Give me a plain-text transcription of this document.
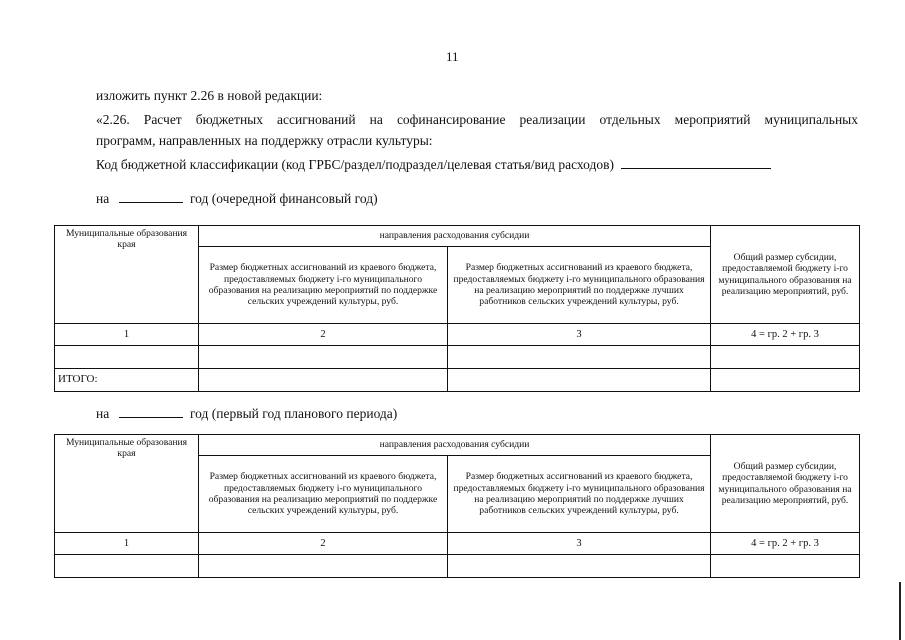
11
изложить пункт 2.26 в новой редакции:
«2.26. Расчет бюджетных ассигнований на софинансирование реализации отдельных мероприятий муниципальных
программ, направленных на поддержку отрасли культуры:
Код бюджетной классификации (код ГРБС/раздел/подраздел/целевая статья/вид расходов)
на	год (очередной финансовый год)
Муниципальные образования края	направления расходования субсидии		Общий размер субсидии, предоставляемой бюджету i-го муниципального образования на реализацию мероприятий, руб.
	Размер бюджетных ассигнований из краевого бюджета, предоставляемых бюджету i-го муниципального образования на реализацию мероприятий по поддержке сельских учреждений культуры, руб.	Размер бюджетных ассигнований из краевого бюджета, предоставляемых бюджету i-го муниципального образования на реализацию мероприятий по поддержке лучших работников сельских учреждений культуры, руб.	
1	2	3	4 = гр. 2 + гр. 3

ИТОГО:			
на	год (первый год планового периода)
Муниципальные образования края	направления расходования субсидии		Общий размер субсидии, предоставляемой бюджету i-го муниципального образования на реализацию мероприятий, руб.
	Размер бюджетных ассигнований из краевого бюджета, предоставляемых бюджету i-го муниципального образования на реализацию мероприятий по поддержке сельских учреждений культуры, руб.	Размер бюджетных ассигнований из краевого бюджета, предоставляемых бюджету i-го муниципального образования на реализацию мероприятий по поддержке лучших работников сельских учреждений культуры, руб.	
1	2	3	4 = гр. 2 + гр. 3
